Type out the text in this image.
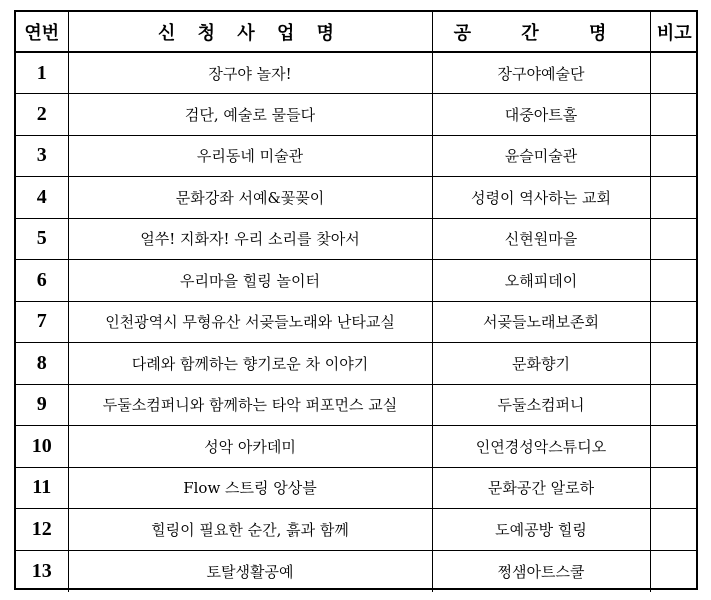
연번	신 청 사 업 명	공 간 명	비고
1	장구야 놀자!	장구야예술단	
2	검단, 예술로 물들다	대중아트홀	
3	우리동네 미술관	윤슬미술관	
4	문화강좌 서예&꽃꽂이	성령이 역사하는 교회	
5	얼쑤! 지화자! 우리 소리를 찾아서	신현원마을	
6	우리마을 힐링 놀이터	오해피데이	
7	인천광역시 무형유산 서곶들노래와 난타교실	서곶들노래보존회	
8	다례와 함께하는 향기로운 차 이야기	문화향기	
9	두둘소컴퍼니와 함께하는 타악 퍼포먼스 교실	두둘소컴퍼니	
10	성악 아카데미	인연경성악스튜디오	
11	Flow 스트링 앙상블	문화공간 알로하	
12	힐링이 필요한 순간, 흙과 함께	도예공방 힐링	
13	토탈생활공예	쩡샘아트스쿨	
